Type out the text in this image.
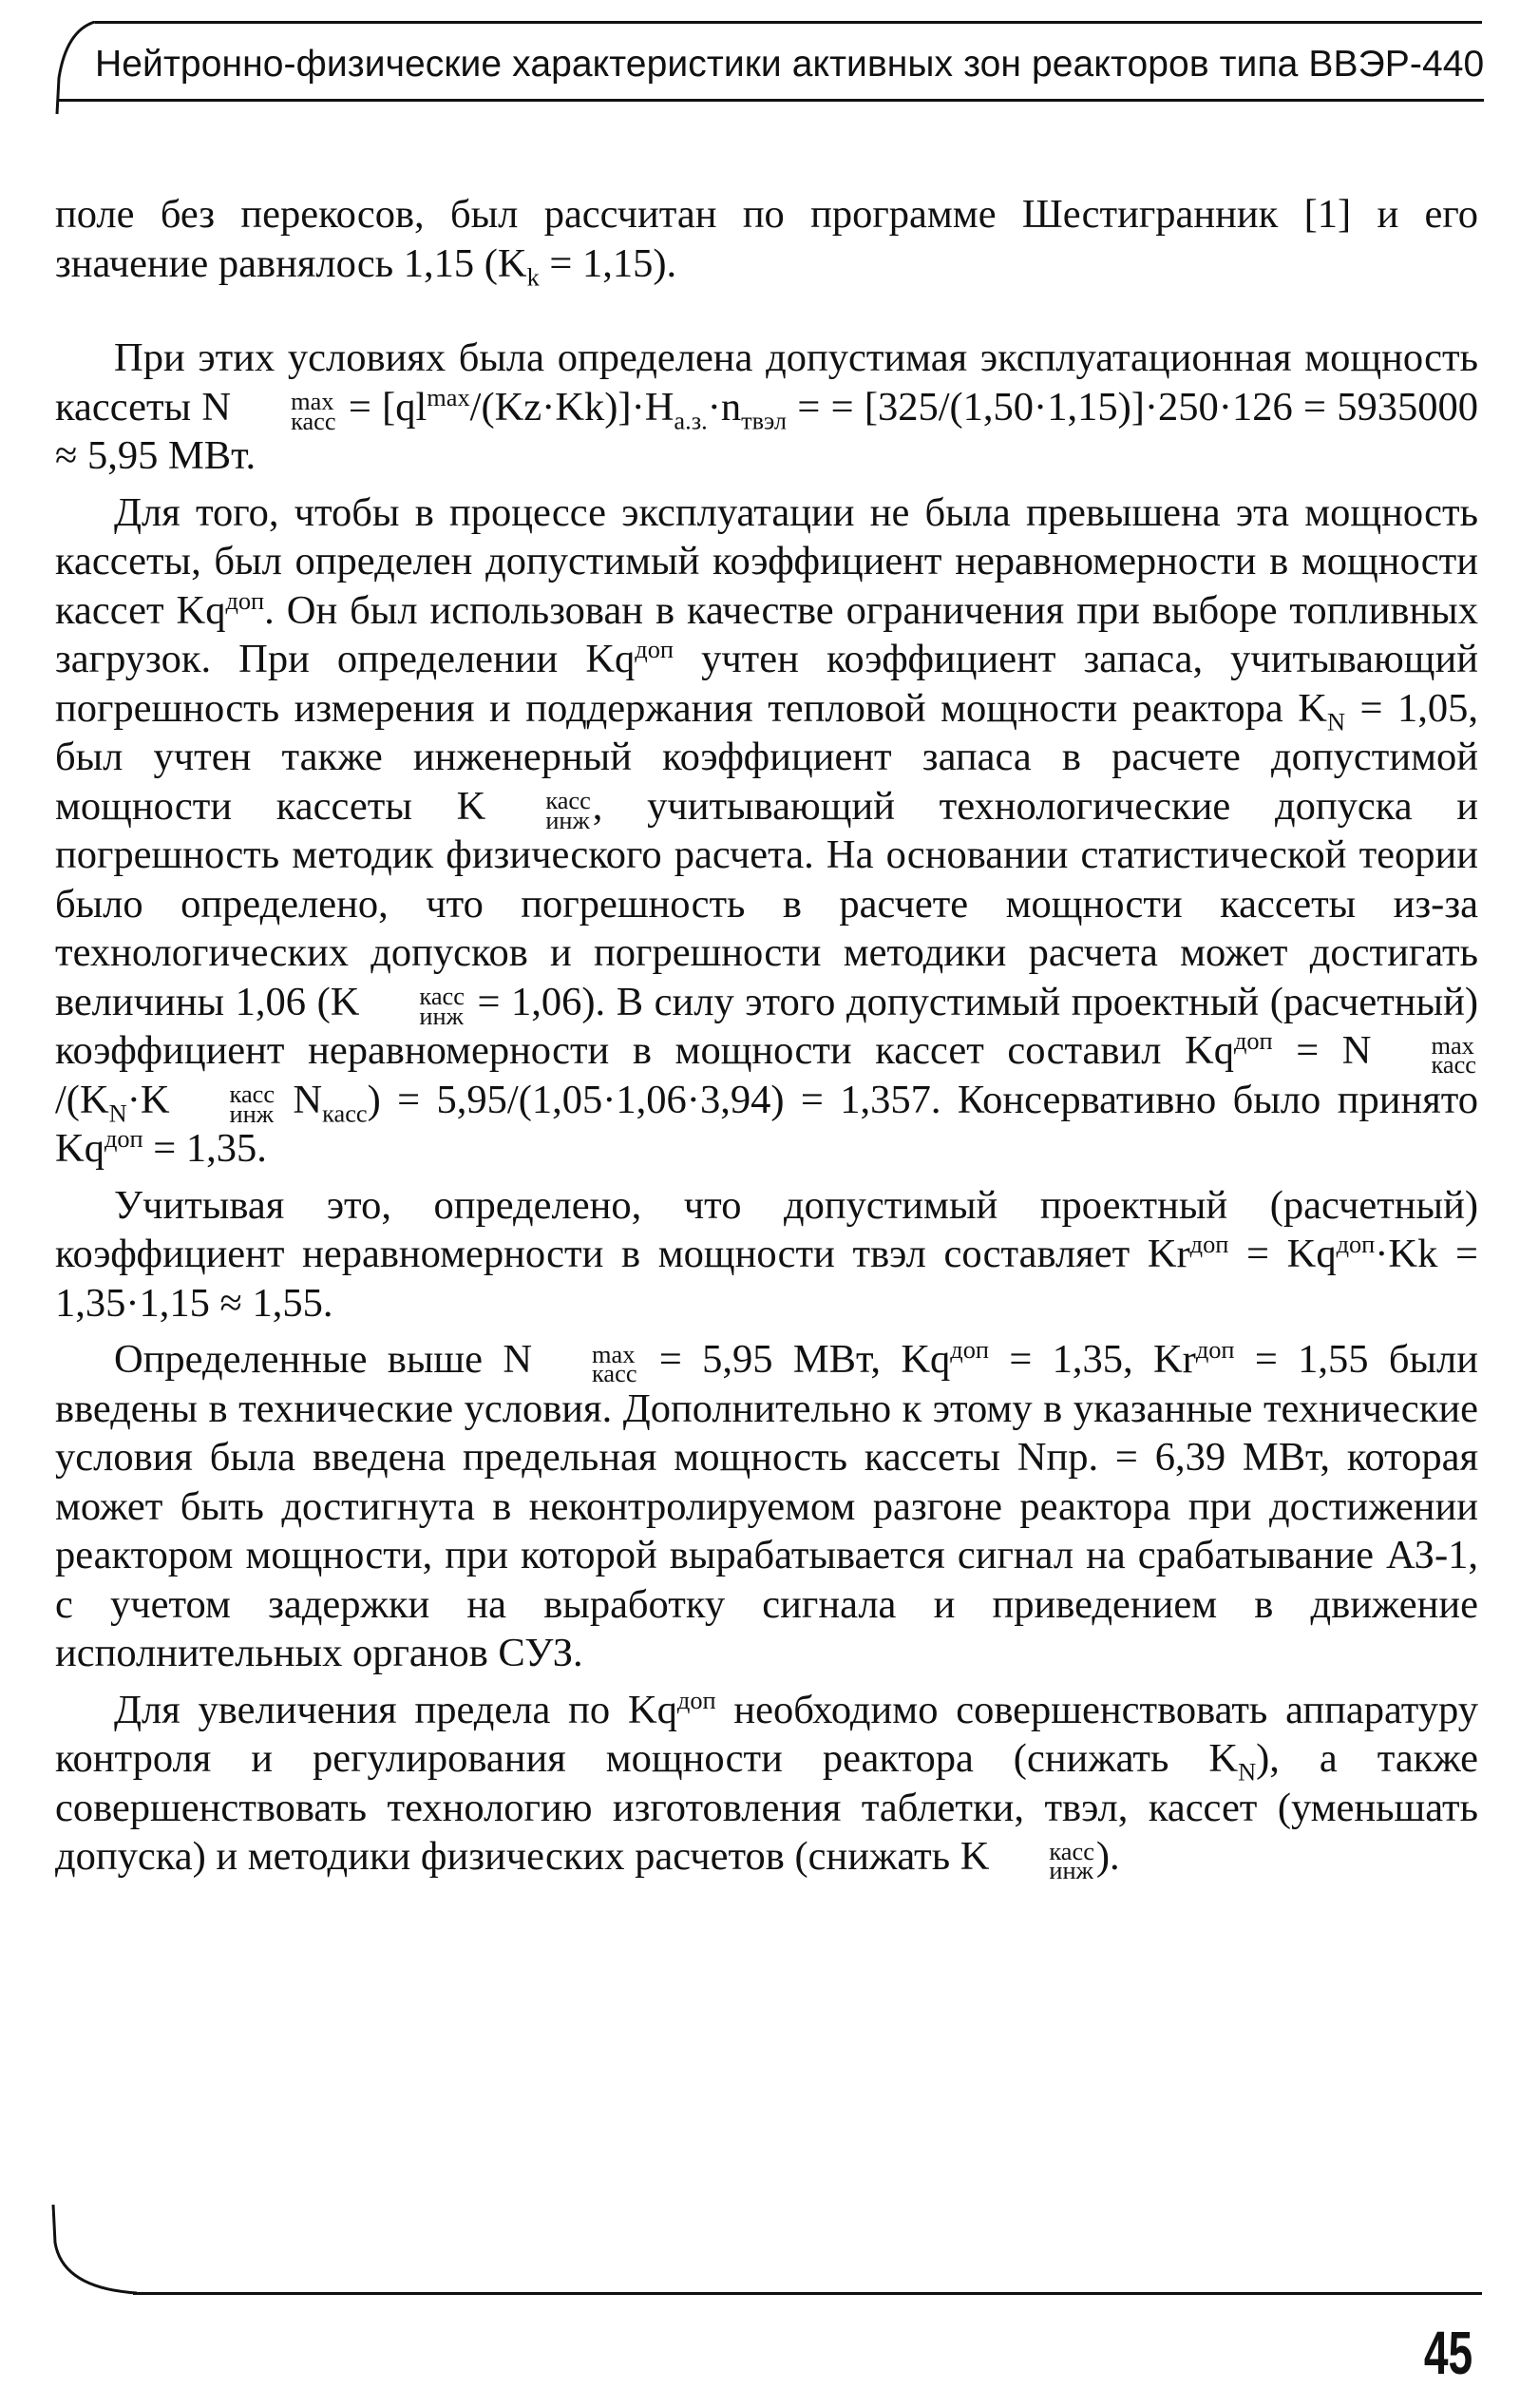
Нейтронно-физические характеристики активных зон реакторов типа ВВЭР-440

поле без перекосов, был рассчитан по программе Шестигранник [1] и его значение равнялось 1,15 $(K_k = 1,15)$.

При этих условиях была определена допустимая эксплуатационная мощность кассеты N	max
касс = $[ql^{max}/(Kz\cdot Kk)]\cdot H_{а.з.}\cdot n_{твэл}$ = = [325/(1,50·1,15)]·250·126 = 5935000 ≈ 5,95 МВт.

Для того, чтобы в процессе эксплуатации не была превышена эта мощность кассеты, был определен допустимый коэффициент неравномерности в мощности кассет $Kq^{доп}$. Он был использован в качестве ограничения при выборе топливных загрузок. При определении $Kq^{доп}$ учтен коэффициент запаса, учитывающий погрешность измерения и поддержания тепловой мощности реактора $K_N = 1,05$, был учтен также инженерный коэффициент запаса в расчете допустимой мощности кассеты K	касс
инж , учитывающий технологические допуска и погрешность методик физического расчета. На основании статистической теории было определено, что погрешность в расчете мощности кассеты из-за технологических допусков и погрешности методики расчета может достигать величины 1,06 (K	касс
инж = 1,06). В силу этого допустимый проектный (расчетный) коэффициент неравномерности в мощности кассет составил $Kq^{доп} = N$	max
касс
$/(K_N\cdot K$	касс
инж $N_{касс}) = 5,95/(1,05\cdot 1,06\cdot 3,94) = 1,357$. Консервативно было принято $Kq^{доп} = 1,35$.

Учитывая это, определено, что допустимый проектный (расчетный) коэффициент неравномерности в мощности твэл составляет $Kr^{доп} = Kq^{доп}\cdot Kk = 1,35\cdot 1,15 \approx 1,55$.

Определенные выше N	max
касс = 5,95 МВт, $Kq^{доп} = 1,35$, $Kr^{доп} = 1,55$ были введены в технические условия. Дополнительно к этому в указанные технические условия была введена предельная мощность кассеты Nпр. = 6,39 МВт, которая может быть достигнута в неконтролируемом разгоне реактора при достижении реактором мощности, при которой вырабатывается сигнал на срабатывание АЗ-1, с учетом задержки на выработку сигнала и приведением в движение исполнительных органов СУЗ.

Для увеличения предела по $Kq^{доп}$ необходимо совершенствовать аппаратуру контроля и регулирования мощности реактора (снижать $K_N$), а также совершенствовать технологию изготовления таблетки, твэл, кассет (уменьшать допуска) и методики физических расчетов (снижать K	касс
инж ).

45
